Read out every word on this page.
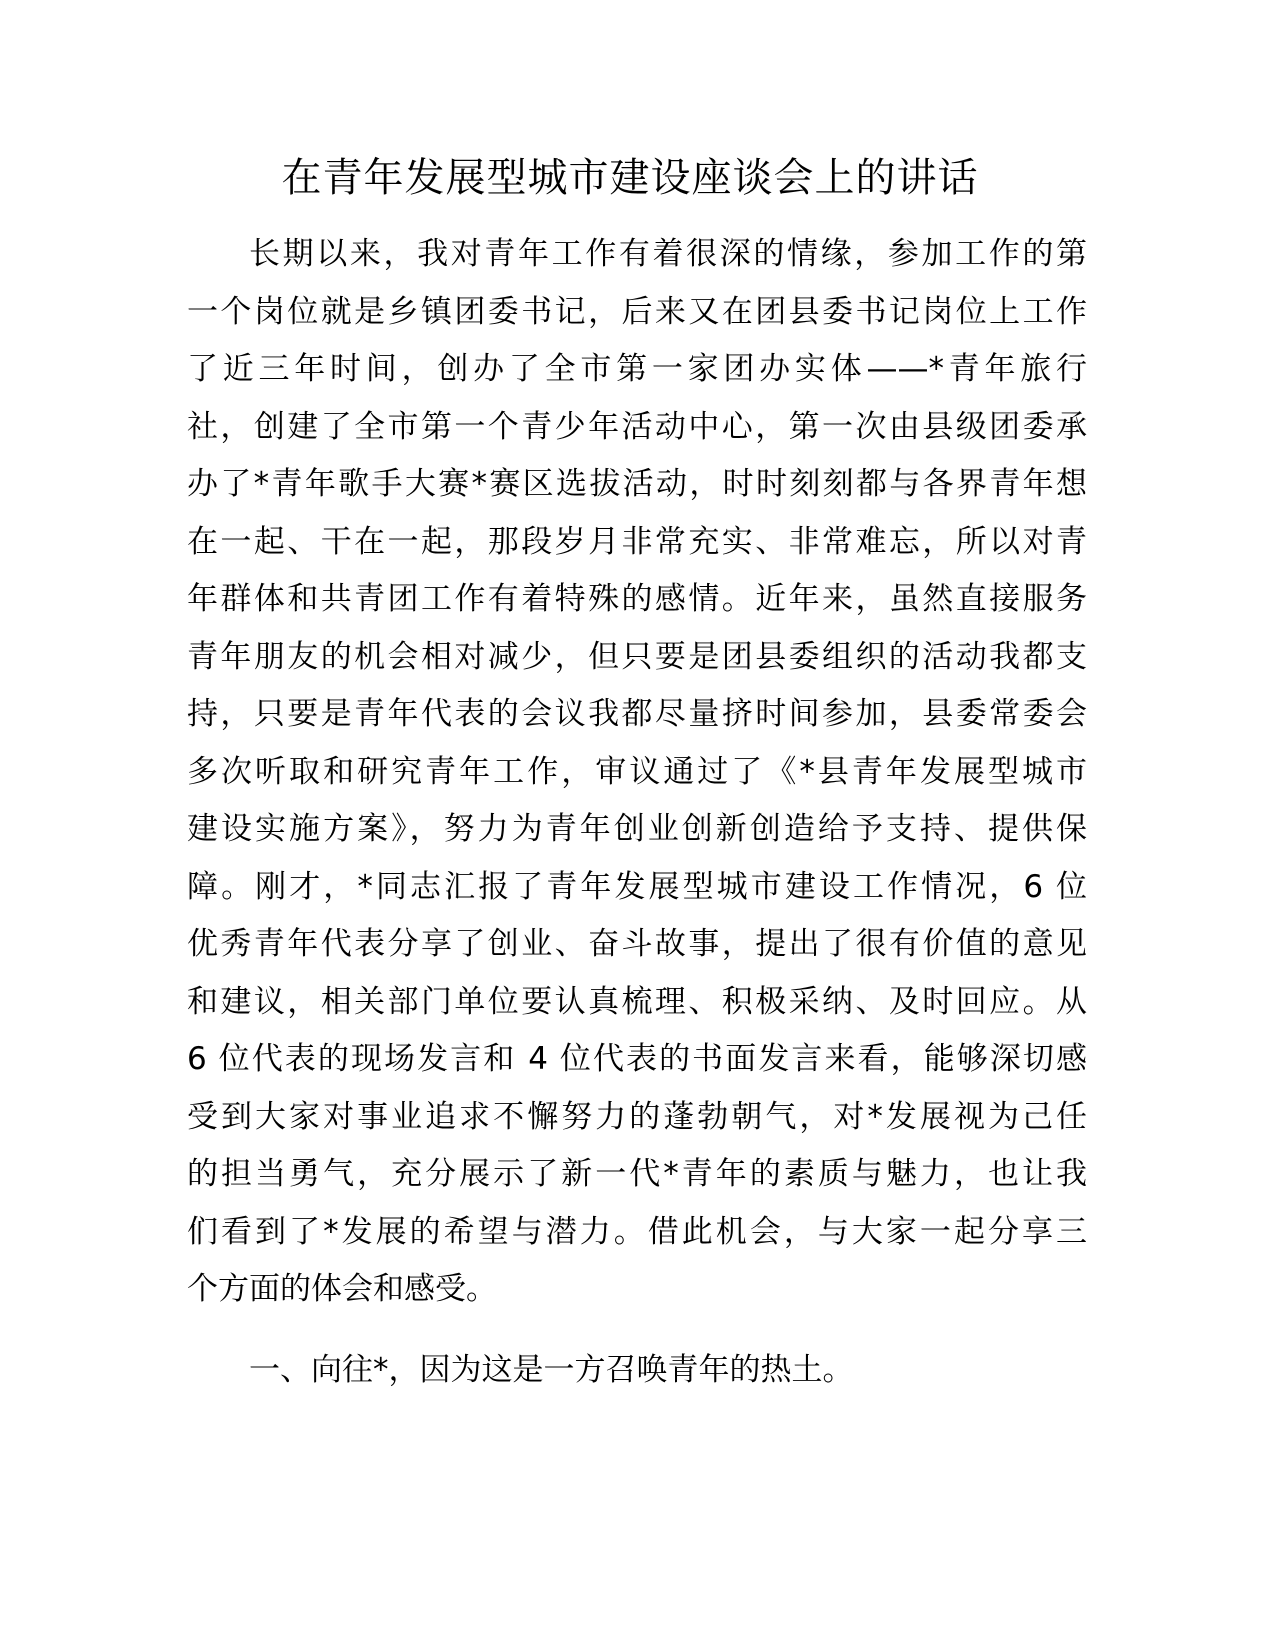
在青年发展型城市建设座谈会上的讲话
长期以来，我对青年工作有着很深的情缘，参加工作的第
一个岗位就是乡镇团委书记，后来又在团县委书记岗位上工作
了近三年时间，创办了全市第一家团办实体——*青年旅行
社，创建了全市第一个青少年活动中心，第一次由县级团委承
办了*青年歌手大赛*赛区选拔活动，时时刻刻都与各界青年想
在一起、干在一起，那段岁月非常充实、非常难忘，所以对青
年群体和共青团工作有着特殊的感情。近年来，虽然直接服务
青年朋友的机会相对减少，但只要是团县委组织的活动我都支
持，只要是青年代表的会议我都尽量挤时间参加，县委常委会
多次听取和研究青年工作，审议通过了《*县青年发展型城市
建设实施方案》，努力为青年创业创新创造给予支持、提供保
障。刚才，*同志汇报了青年发展型城市建设工作情况，6 位
优秀青年代表分享了创业、奋斗故事，提出了很有价值的意见
和建议，相关部门单位要认真梳理、积极采纳、及时回应。从
6 位代表的现场发言和 4 位代表的书面发言来看，能够深切感
受到大家对事业追求不懈努力的蓬勃朝气，对*发展视为己任
的担当勇气，充分展示了新一代*青年的素质与魅力，也让我
们看到了*发展的希望与潜力。借此机会，与大家一起分享三
个方面的体会和感受。
一、向往*，因为这是一方召唤青年的热土。
